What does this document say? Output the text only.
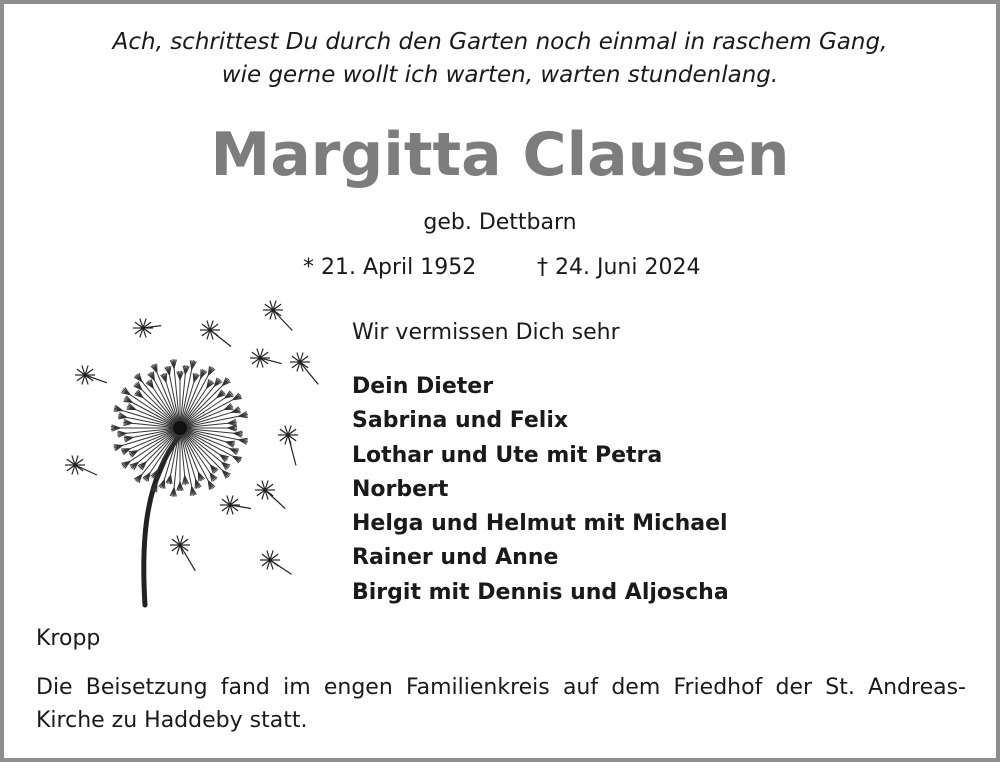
Ach, schrittest Du durch den Garten noch einmal in raschem Gang,
wie gerne wollt ich warten, warten stundenlang.
Margitta Clausen
geb. Dettbarn
* 21. April 1952	† 24. Juni 2024
Wir vermissen Dich sehr
Dein Dieter
Sabrina und Felix
Lothar und Ute mit Petra
Norbert
Helga und Helmut mit Michael
Rainer und Anne
Birgit mit Dennis und Aljoscha
Kropp
Die Beisetzung fand im engen Familienkreis auf dem Friedhof der St. Andreas-Kirche zu Haddeby statt.
